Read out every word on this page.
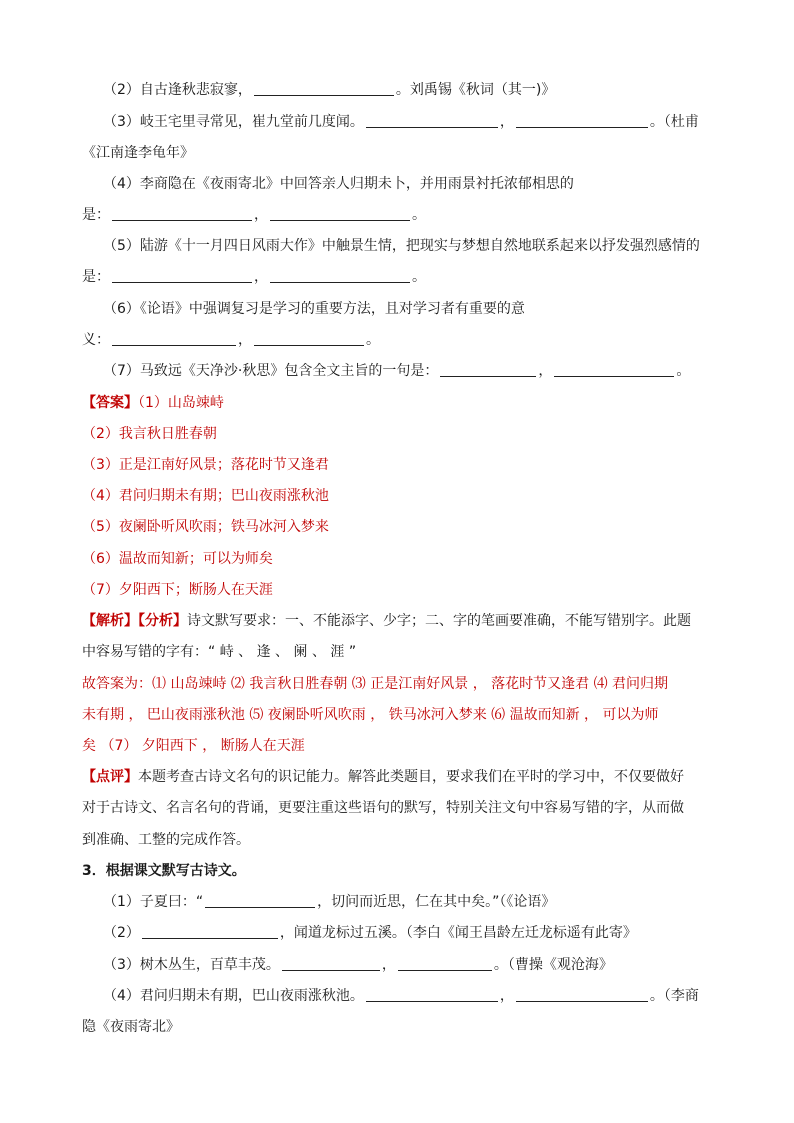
（2）自古逢秋悲寂寥，	。刘禹锡《秋词（其一)》
（3）岐王宅里寻常见，崔九堂前几度闻。	，	。（杜甫
《江南逢李龟年》
（4）李商隐在《夜雨寄北》中回答亲人归期未卜，并用雨景衬托浓郁相思的
是：	，	。
（5）陆游《十一月四日风雨大作》中触景生情，把现实与梦想自然地联系起来以抒发强烈感情的
是：	，	。
（6）《论语》中强调复习是学习的重要方法，且对学习者有重要的意
义：	，	。
（7）马致远《天净沙·秋思》包含全文主旨的一句是：	，	。
【答案】（1）山岛竦峙
（2）我言秋日胜春朝
（3）正是江南好风景；落花时节又逢君
（4）君问归期未有期；巴山夜雨涨秋池
（5）夜阑卧听风吹雨；铁马冰河入梦来
（6）温故而知新；可以为师矣
（7）夕阳西下；断肠人在天涯
【解析】【分析】诗文默写要求：一、不能添字、少字；二、字的笔画要准确，不能写错别字。此题
中容易写错的字有：“ 峙 、 逢 、 阑 、 涯 ”
故答案为：⑴ 山岛竦峙 ⑵ 我言秋日胜春朝 ⑶ 正是江南好风景 ， 落花时节又逢君 ⑷ 君问归期
未有期 ， 巴山夜雨涨秋池 ⑸ 夜阑卧听风吹雨 ， 铁马冰河入梦来 ⑹ 温故而知新 ， 可以为师
矣 （7） 夕阳西下 ， 断肠人在天涯
【点评】本题考查古诗文名句的识记能力。解答此类题目，要求我们在平时的学习中，不仅要做好
对于古诗文、名言名句的背诵，更要注重这些语句的默写，特别关注文句中容易写错的字，从而做
到准确、工整的完成作答。
3．根据课文默写古诗文。
（1）子夏曰：“	，切问而近思，仁在其中矣。”（《论语》
（2）	，闻道龙标过五溪。（李白《闻王昌龄左迁龙标遥有此寄》
（3）树木丛生，百草丰茂。	，	。（曹操《观沧海》
（4）君问归期未有期，巴山夜雨涨秋池。	，	。（李商
隐《夜雨寄北》
